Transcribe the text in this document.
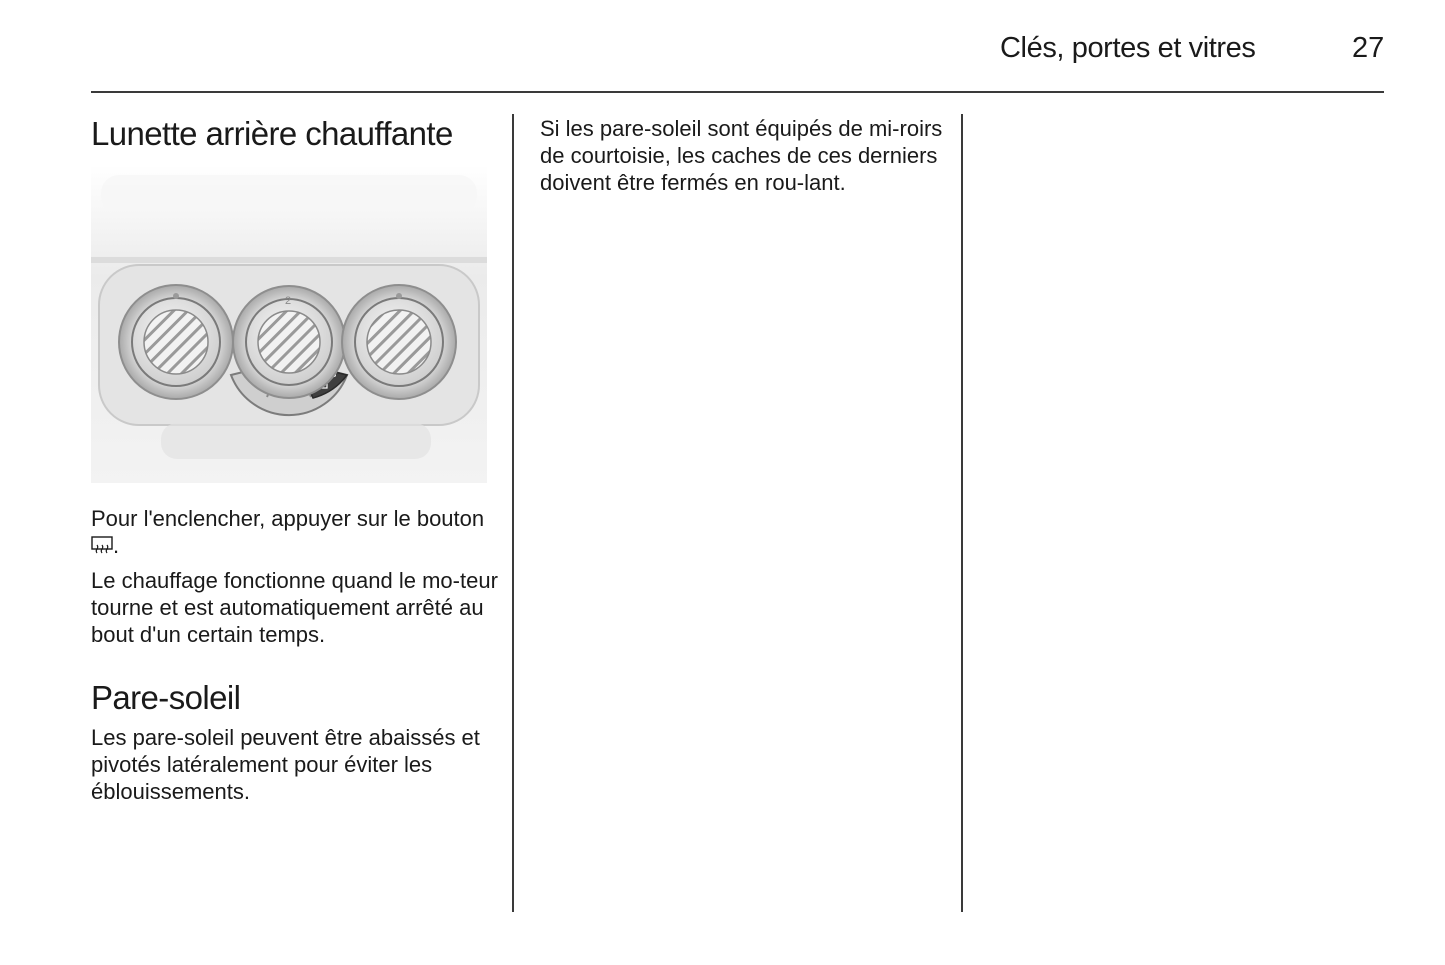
Clés, portes et vitres	27
Lunette arrière chauffante
2

Pour l'enclencher, appuyer sur le bouton .

Le chauffage fonctionne quand le mo-teur tourne et est automatiquement arrêté au bout d'un certain temps.

Pare-soleil

Les pare-soleil peuvent être abaissés et pivotés latéralement pour éviter les éblouissements.

Si les pare-soleil sont équipés de mi-roirs de courtoisie, les caches de ces derniers doivent être fermés en rou-lant.
